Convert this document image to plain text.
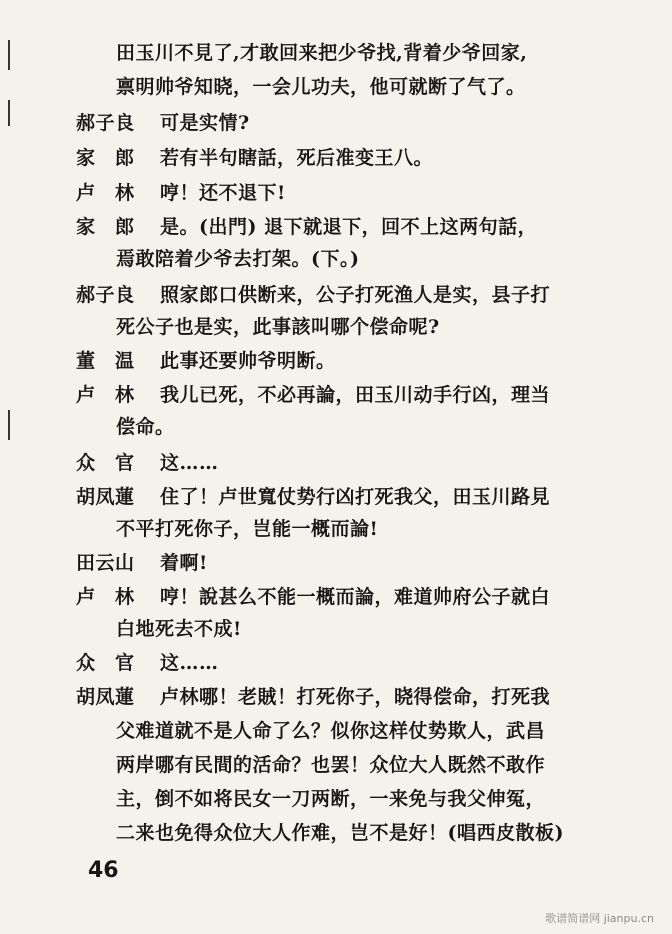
田玉川不見了,才敢回来把少爷找,背着少爷回家,
禀明帅爷知晓，一会儿功夫，他可就断了气了。
郝子良 可是实情?
家　郎 若有半句瞎話，死后准变王八。
卢　林 哼！还不退下!
家　郎 是。(出門) 退下就退下，回不上这两句話，
焉敢陪着少爷去打架。(下。)
郝子良 照家郎口供断来，公子打死渔人是实，县子打
死公子也是实，此事該叫哪个偿命呢?
董　温 此事还要帅爷明断。
卢　林 我儿已死，不必再論，田玉川动手行凶，理当
偿命。
众　官 这……
胡凤蓮 住了！卢世寬仗势行凶打死我父，田玉川路見
不平打死你子，岂能一概而論!
田云山 着啊!
卢　林 哼！說甚么不能一概而論，难道帅府公子就白
白地死去不成!
众　官 这……
胡凤蓮 卢林哪！老賊！打死你子，晓得偿命，打死我
父难道就不是人命了么？似你这样仗势欺人，武昌
两岸哪有民間的活命？也罢！众位大人既然不敢作
主，倒不如将民女一刀两断，一来免与我父伸冤，
二来也免得众位大人作难，岂不是好！(唱西皮散板)
46
歌谱简谱网 jianpu.cn
